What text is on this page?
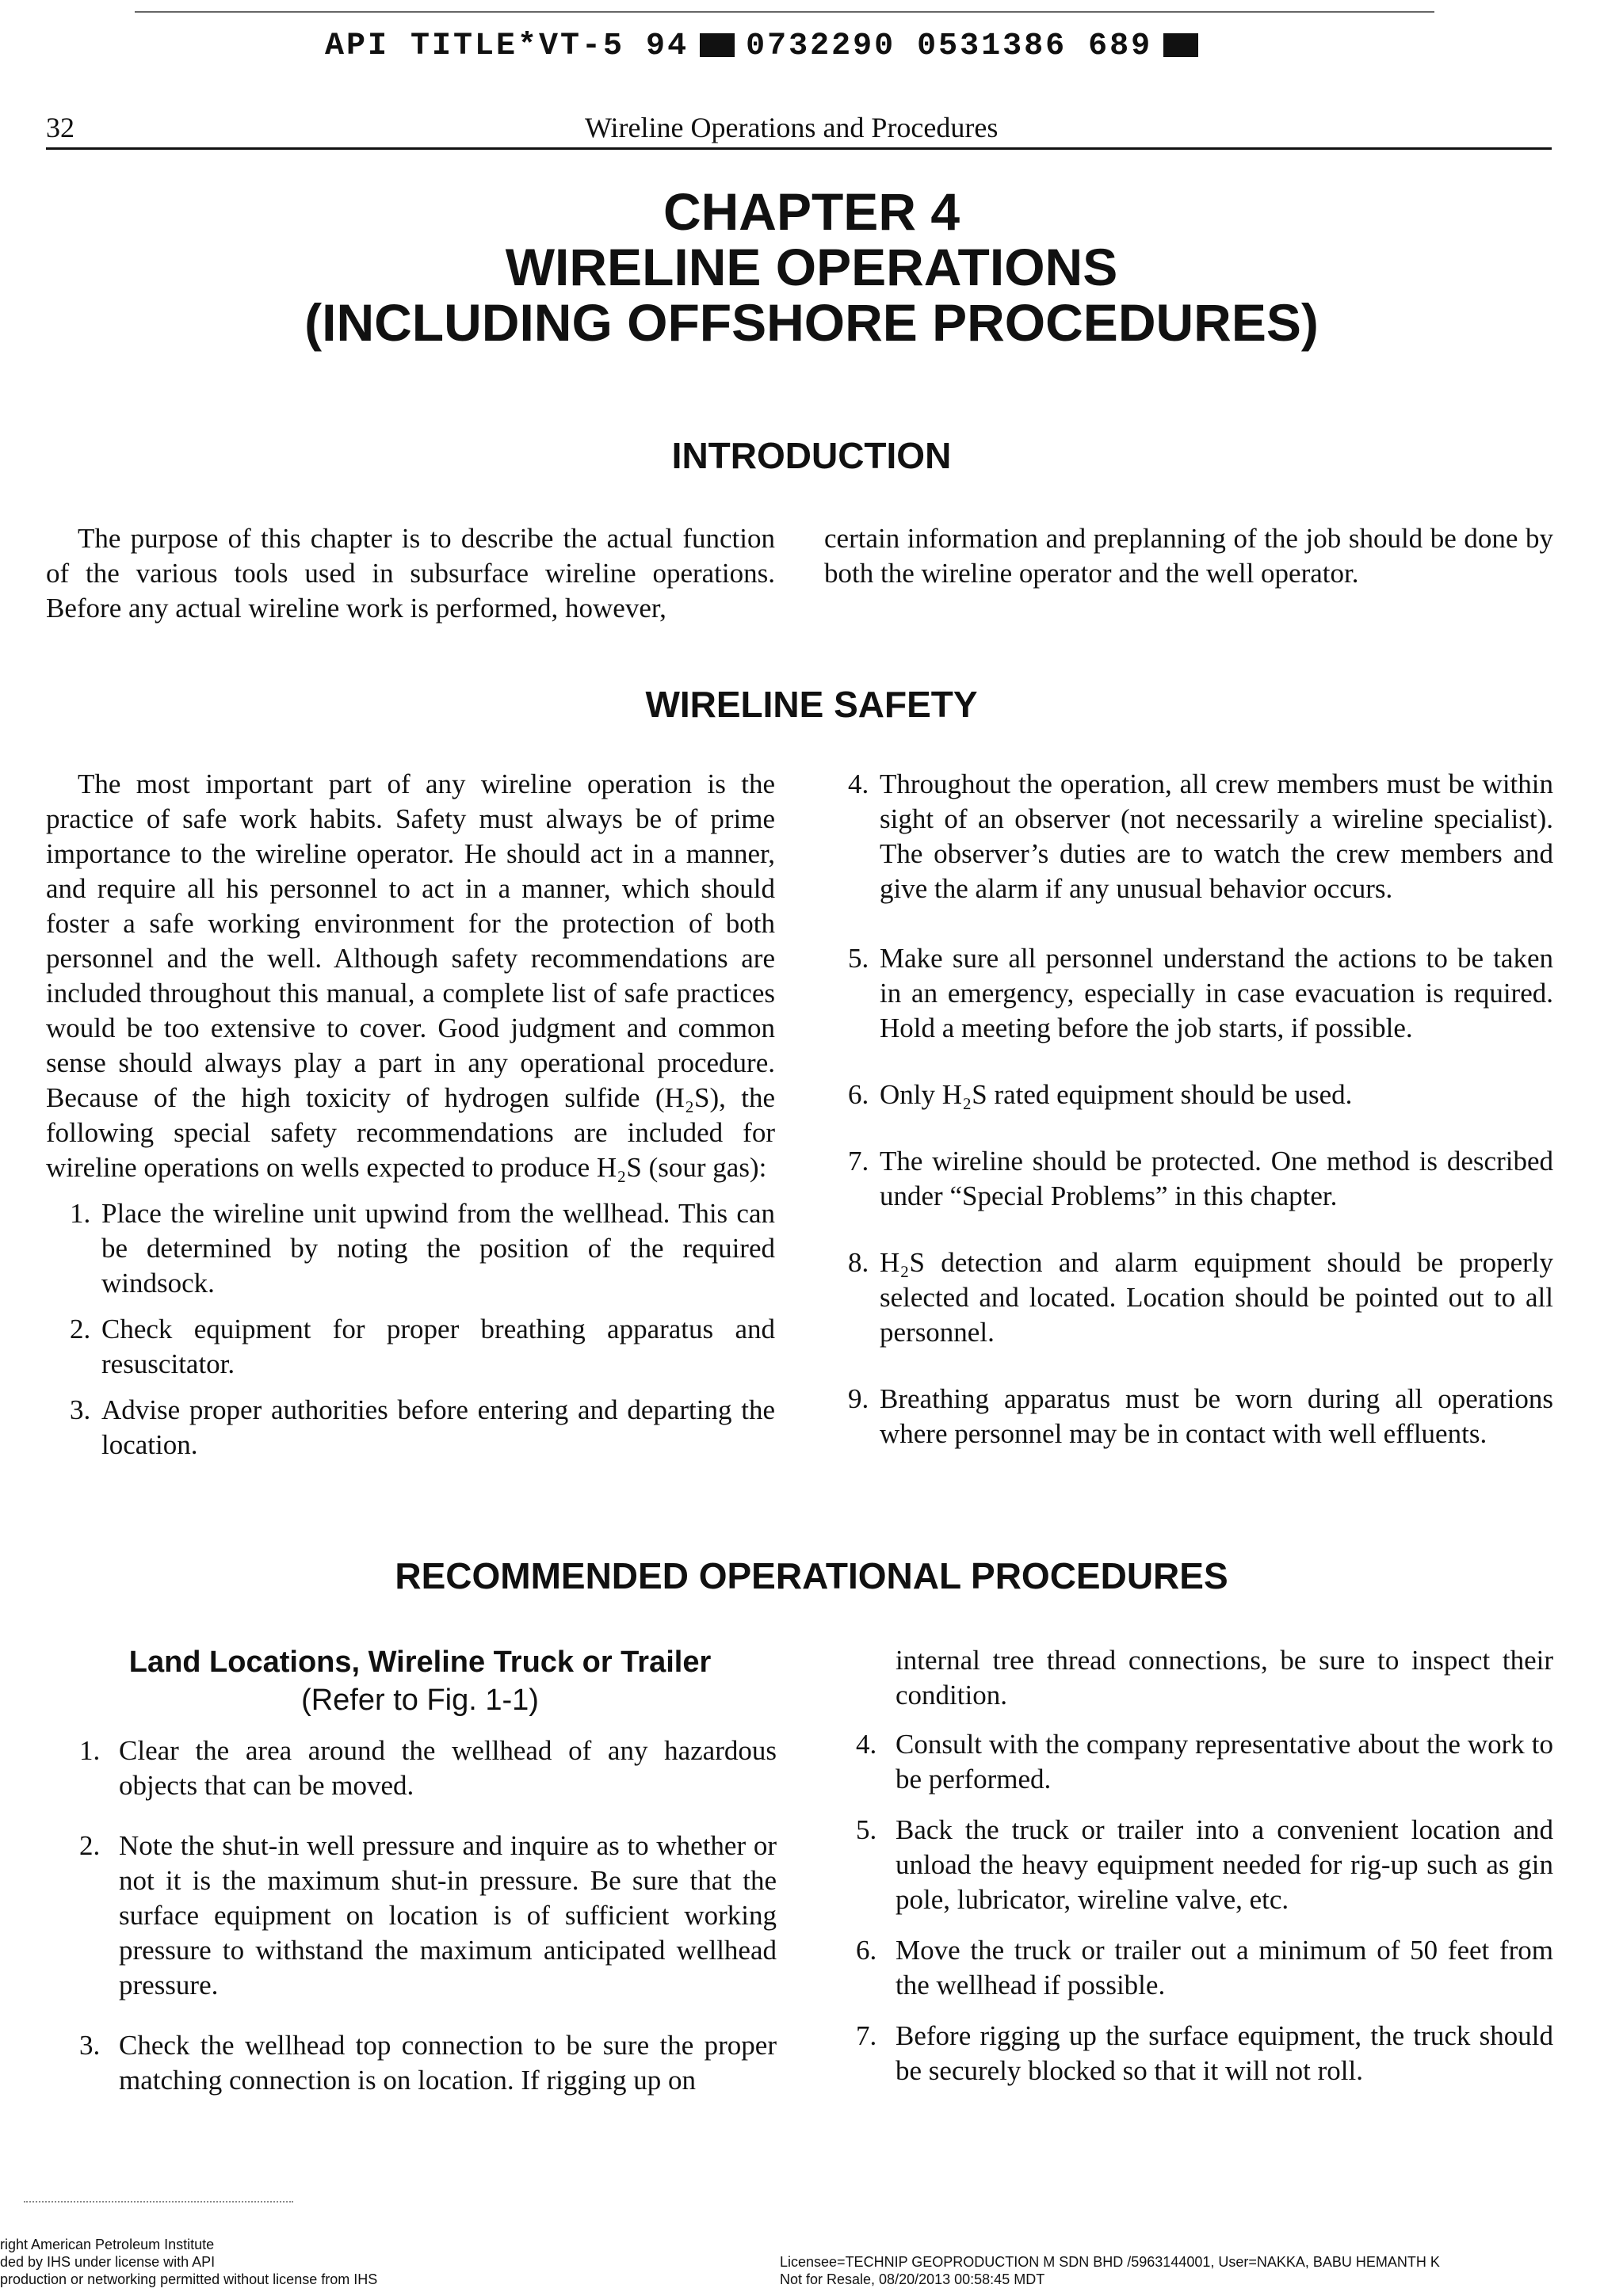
API TITLE*VT-5 94 0732290 0531386 689
32	Wireline Operations and Procedures
CHAPTER 4
WIRELINE OPERATIONS
(INCLUDING OFFSHORE PROCEDURES)
INTRODUCTION

The purpose of this chapter is to describe the actual function of the various tools used in subsurface wireline operations. Before any actual wireline work is performed, however,

certain information and preplanning of the job should be done by both the wireline operator and the well operator.

WIRELINE SAFETY

The most important part of any wireline operation is the practice of safe work habits. Safety must always be of prime importance to the wireline operator. He should act in a manner, and require all his personnel to act in a manner, which should foster a safe working environment for the protection of both personnel and the well. Although safety recommendations are included throughout this manual, a complete list of safe practices would be too extensive to cover. Good judgment and common sense should always play a part in any operational procedure. Because of the high toxicity of hydrogen sulfide (H₂S), the following special safety recommendations are included for wireline operations on wells expected to produce H₂S (sour gas):

1. Place the wireline unit upwind from the wellhead. This can be determined by noting the position of the required windsock.
2. Check equipment for proper breathing apparatus and resuscitator.
3. Advise proper authorities before entering and departing the location.
4. Throughout the operation, all crew members must be within sight of an observer (not necessarily a wireline specialist). The observer’s duties are to watch the crew members and give the alarm if any unusual behavior occurs.
5. Make sure all personnel understand the actions to be taken in an emergency, especially in case evacuation is required. Hold a meeting before the job starts, if possible.
6. Only H₂S rated equipment should be used.
7. The wireline should be protected. One method is described under “Special Problems” in this chapter.
8. H₂S detection and alarm equipment should be properly selected and located. Location should be pointed out to all personnel.
9. Breathing apparatus must be worn during all operations where personnel may be in contact with well effluents.
RECOMMENDED OPERATIONAL PROCEDURES
Land Locations, Wireline Truck or Trailer
(Refer to Fig. 1-1)
1. Clear the area around the wellhead of any hazardous objects that can be moved.
2. Note the shut-in well pressure and inquire as to whether or not it is the maximum shut-in pressure. Be sure that the surface equipment on location is of sufficient working pressure to withstand the maximum anticipated wellhead pressure.
3. Check the wellhead top connection to be sure the proper matching connection is on location. If rigging up on

internal tree thread connections, be sure to inspect their condition.

4. Consult with the company representative about the work to be performed.
5. Back the truck or trailer into a convenient location and unload the heavy equipment needed for rig-up such as gin pole, lubricator, wireline valve, etc.
6. Move the truck or trailer out a minimum of 50 feet from the wellhead if possible.
7. Before rigging up the surface equipment, the truck should be securely blocked so that it will not roll.
right American Petroleum Institute
ded by IHS under license with API
production or networking permitted without license from IHS
Licensee=TECHNIP GEOPRODUCTION M SDN BHD /5963144001, User=NAKKA, BABU HEMANTH K
Not for Resale, 08/20/2013 00:58:45 MDT
